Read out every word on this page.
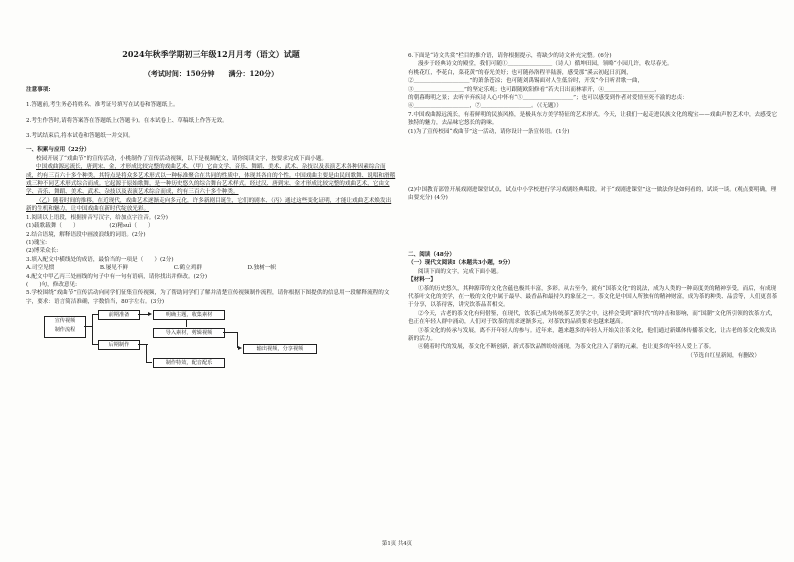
2024年秋季学期初三年级12月月考（语文）试题
（考试时间：150分钟　　满分：120分）
注意事项:
1.答题前,考生务必将姓名、准考证号填写在试卷和答题纸上。
2.考生作答时,请将答案答在答题纸上(答题卡)。在本试卷上、草稿纸上作答无效。
3.考试结束后,将本试卷和答题纸一并交回。
一、积累与应用（22分）
校园开展了“戏曲节”的宣传活动，小桃制作了宣传活动视频，以下是视频配文，请你阅读文字，按要求完成下面小题。
中国戏曲源远流长，唐到宋、金，才形成比较完整的戏曲艺术，（甲）它由文学、音乐、舞蹈、美术、武术、杂技以及表演艺术各种因素综合而成，约有三百六十多个种类，其特点是将众多艺术形式以一种标准聚合在共同的性质中，体现其各自的个性。中国戏曲主要是由民间歌舞、说唱和滑稽戏三种不同艺术形式综合而成。它起源于原始歌舞，是一种历史悠久的综合舞台艺术样式。经过汉、唐到宋、金才形成比较完整的戏曲艺术，它由文学、音乐、舞蹈、美术、武术、杂技以及表演艺术综合而成，约有三百六十多个种类。
（乙）随着时间的推移，在近现代，戏曲艺术逐渐走向多元化，许多新剧目诞生，它们的剧本、（丙）通过这些变化证明，才能让戏曲艺术焕发出新的生机和魅力，让中国戏曲在新时代绽放光彩。
1.阅读以上语段，根据拼音写汉字，给加点字注音。(2分)
(1)载歌载舞（　　）　　　　　　(2)精suǐ（　　）
2.结合语境，解释语段中画波浪线的词语。(2分)
(1)瑰宝:
(2)博采众长:
3.填入配文中横线处的成语，最恰当的一项是（　　）(2分)
A.司空见惯	B.屡见不鲜	C.鹤立鸡群	D.独树一帜
4.配文中甲乙丙三处画线的句子中有一句有语病，请你找出并修改。(2分)
(　　)句，修改意见:
5.学校围绕“戏曲节”宣传活动向同学们征集宣传视频，为了帮助同学们了解并清楚宣传视频制作流程，请你根据下图提供的信息用一段解释流程的文字，要求：语言简洁准确，字数恰当，80字左右。(3分)
宣传视频
制作流程
前期准备
后期制作
明确主题，收集素材
导入素材，剪辑视频
输出视频，分享视频
制作特效，配音配乐
6.下面是“诗文共赏”栏目的推介语，请你根据提示，将缺少的诗文补充完整。(6分)
漫步于经典诗文的殿堂，我们可随①＿＿＿＿＿＿＿＿（诗人）循坤田园，领略“小园几许，收尽春光。
有桃花红，李花白，菜花黄”的春光美好；也可随孙洛程羊陆游，感受那“溪云初起日沉阁，
②＿＿＿＿＿＿＿＿＿＿”的萧条苍凉；也可随刘禹锡面对人生低谷时，开发“今日听君歌一曲，
③＿＿＿＿＿＿＿＿＿”的坚定乐观；也可跟随欧阳修看“若夫日出而林霏开，④＿＿＿＿＿＿＿＿＿，
的朝暮晦明之景；去听辛弃疾诗人心中怀有“⑤＿＿＿＿＿＿＿＿＿”；也可以感受到作者对爱情至死不渝的忠贞：
⑥＿＿＿＿＿＿＿＿＿＿，⑦＿＿＿＿＿＿＿＿＿。（《无题》）
7.中国戏曲源远流长，有着鲜明的民族风格，是极具东方美学特征的艺术形式。今天，让我们一起走进民族文化的瑰宝——戏曲声腔艺术中，去感受它独特的魅力，去品味它悠长的韵味。
(1)为了宣传校园“戏曲节”这一活动，请你设计一条宣传语。(1分)
(2)中国教育部曾开展戏剧进课堂试点，试点中小学校进行学习戏剧经典唱段。对于“戏剧进课堂”这一做法你是如何看的，试谈一谈。(观点要明确，理由要充分) (4分)
二、阅读（48分）
（一）现代文阅读Ⅰ（本题共3小题，9分）
阅读下面的文字，完成下面小题。
【材料一】
①茶的历史悠久，其种源带的文化含蕴也极其丰富，多彩。从古至今，就有“国茶文化”的说法，成为人类的一种高度美的精神享受，而后，有成现代茶叶文化的美学，在一般的文化中属于最早、最香品和最持久的象征之一。茶文化是中国人所独有的精神财富，成为茶的种类、品尝等，人们更喜茶于分享，以茶待客，讲究饮茶品茗相交。
②今天，古老的茶文化有何借鉴，在现代，饮茶已成为传统茶艺美学之中，这样会受到“新时代”的冲击和影响，而“国潮”文化所引领的饮茶方式，也正在年轻人群中涌动，人们对于饮茶的需求逐渐多元，对茶饮的品质要求也越来越高。
③茶文化的传承与发展，离不开年轻人的参与。近年来，越来越多的年轻人开始关注茶文化，他们通过新媒体传播茶文化，让古老的茶文化焕发出新的活力。
④随着时代的发展，茶文化不断创新，新式茶饮品牌纷纷涌现，为茶文化注入了新的元素，也让更多的年轻人爱上了茶。
（节选自红星新闻，有删改）
第1页 共4页
